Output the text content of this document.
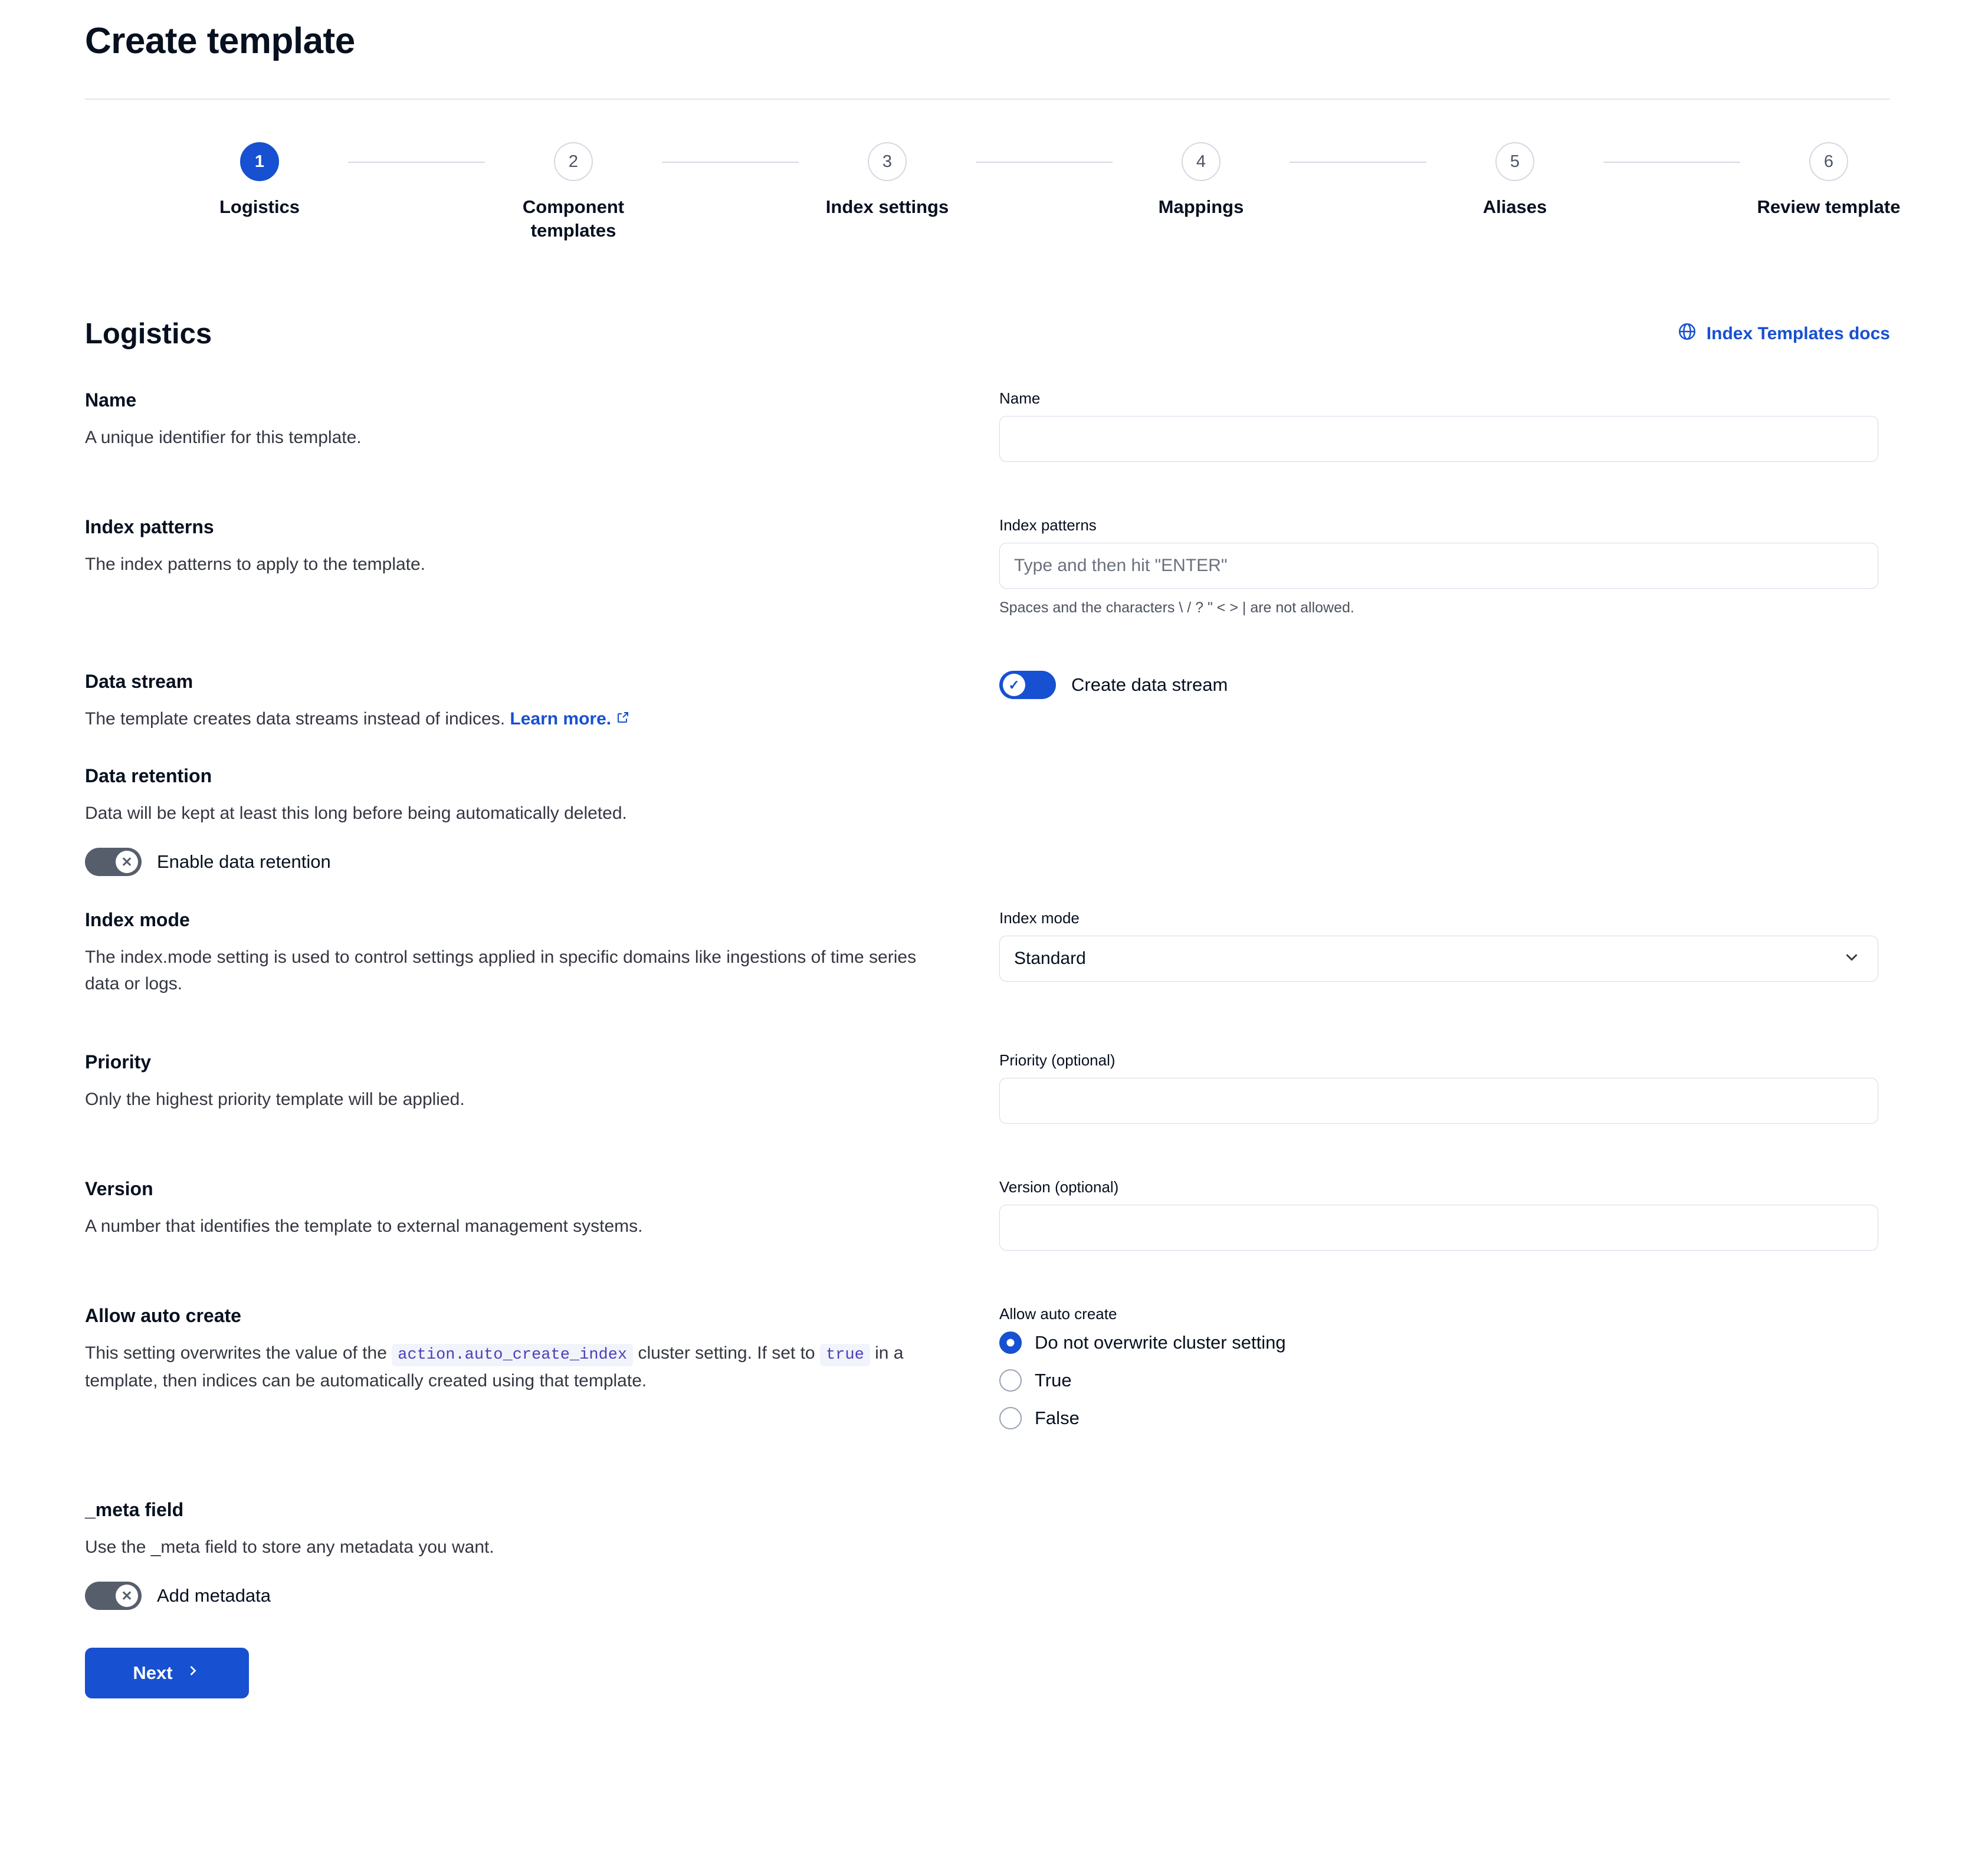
Create template
1
Logistics
2
Component templates
3
Index settings
4
Mappings
5
Aliases
6
Review template
Logistics	Index Templates docs

Name

A unique identifier for this template.

Name

Index patterns

The index patterns to apply to the template.

Index patterns
Type and then hit "ENTER"
Spaces and the characters \ / ? " < > | are not allowed.

Data stream

The template creates data streams instead of indices. Learn more.

✓	Create data stream

Data retention

Data will be kept at least this long before being automatically deleted.

✕	Enable data retention

Index mode

The index.mode setting is used to control settings applied in specific domains like ingestions of time series data or logs.

Index mode
Standard

Priority

Only the highest priority template will be applied.

Priority (optional)

Version

A number that identifies the template to external management systems.

Version (optional)

Allow auto create

This setting overwrites the value of the action.auto_create_index cluster setting. If set to true in a template, then indices can be automatically created using that template.

Allow auto create
Do not overwrite cluster setting
True
False

_meta field

Use the _meta field to store any metadata you want.

✕	Add metadata
Next
